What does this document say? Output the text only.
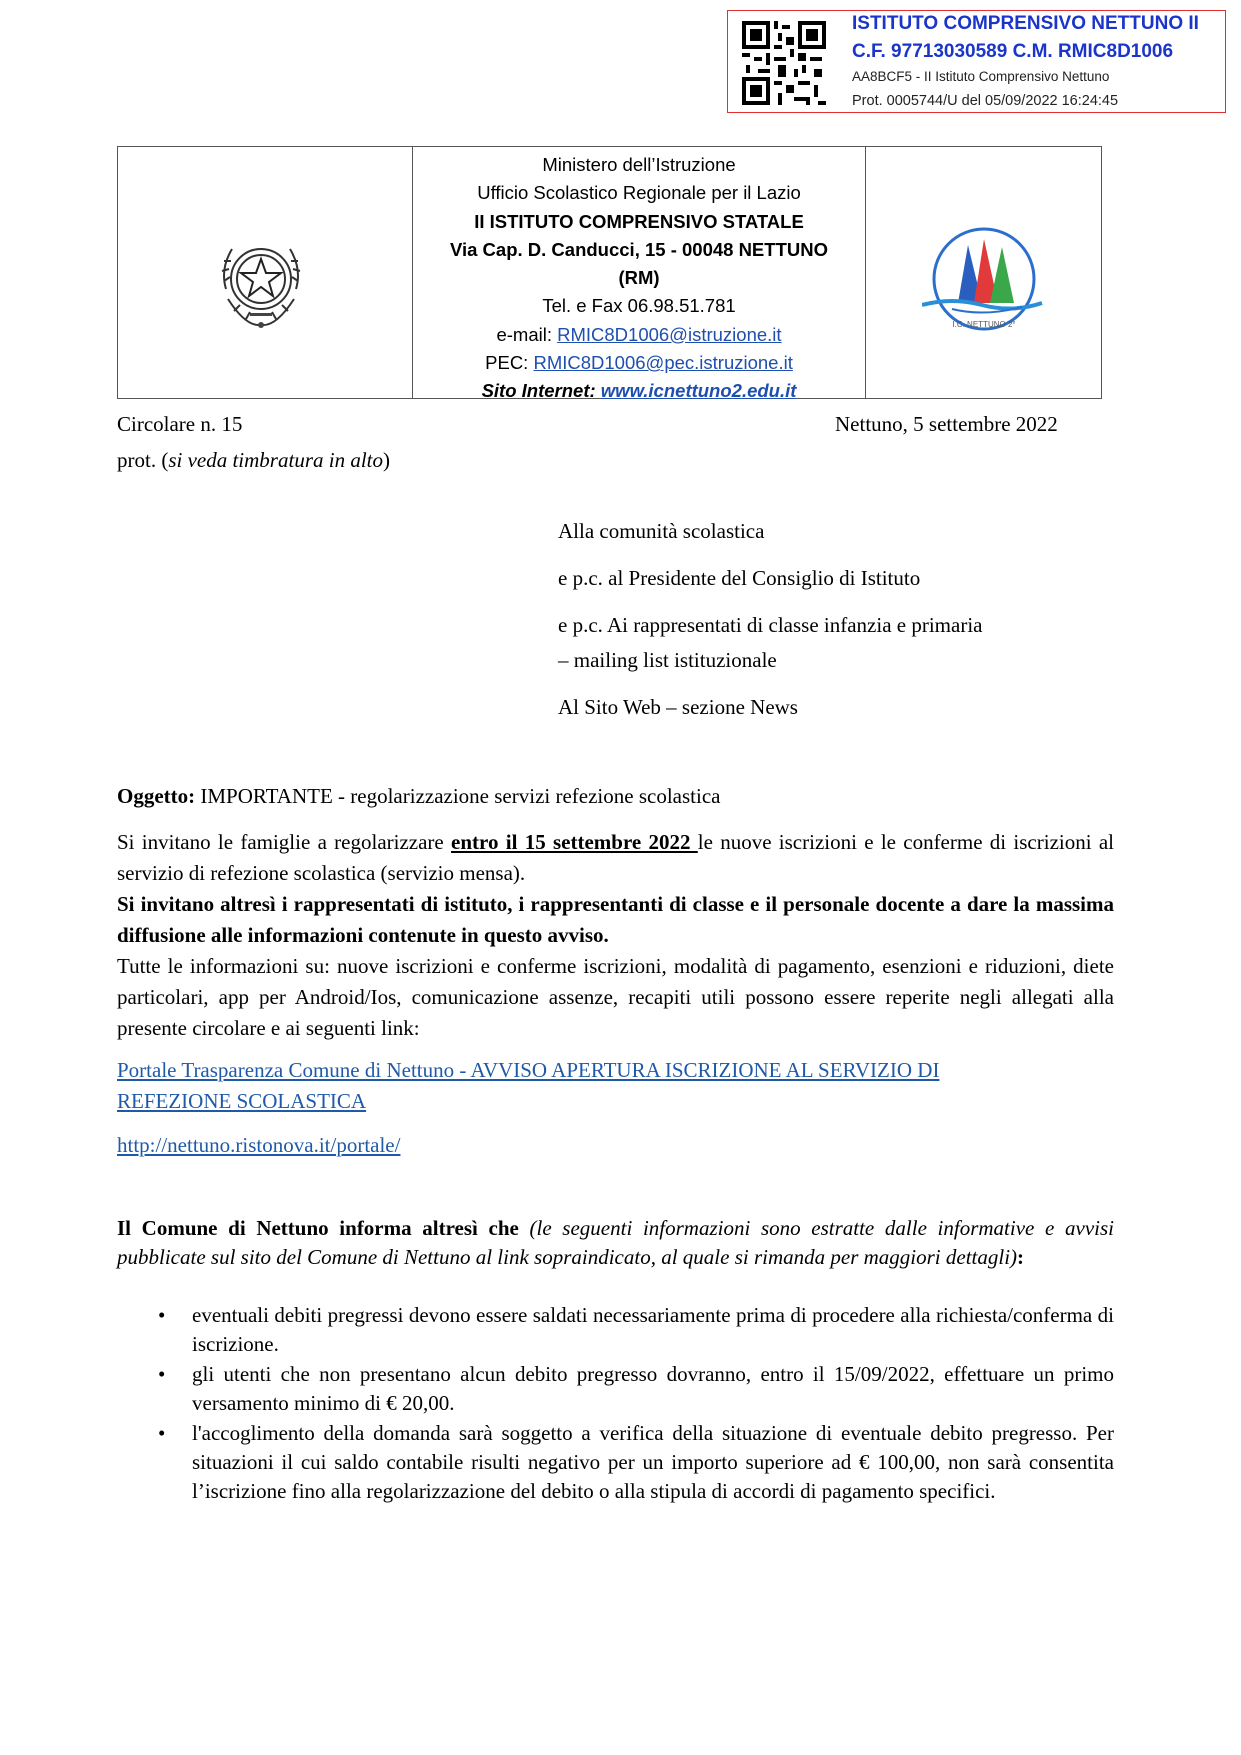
ISTITUTO COMPRENSIVO NETTUNO II
C.F. 97713030589 C.M. RMIC8D1006
AA8BCF5 - II Istituto Comprensivo Nettuno
Prot. 0005744/U del 05/09/2022 16:24:45
Ministero dell’Istruzione
Ufficio Scolastico Regionale per il Lazio
II ISTITUTO COMPRENSIVO STATALE
Via Cap. D. Canducci, 15 - 00048 NETTUNO
(RM)
Tel. e Fax 06.98.51.781
e-mail: RMIC8D1006@istruzione.it
PEC: RMIC8D1006@pec.istruzione.it
Sito Internet: www.icnettuno2.edu.it
I.C. NETTUNO 2°
Circolare n. 15	Nettuno, 5 settembre 2022
prot. (si veda timbratura in alto)
Alla comunità scolastica
e p.c. al Presidente del Consiglio di Istituto
e p.c. Ai rappresentati di classe infanzia e primaria
– mailing list istituzionale
Al Sito Web – sezione News
Oggetto: IMPORTANTE - regolarizzazione servizi refezione scolastica
Si invitano le famiglie a regolarizzare entro il 15 settembre 2022 le nuove iscrizioni e le conferme di iscrizioni al servizio di refezione scolastica (servizio mensa).
Si invitano altresì i rappresentati di istituto, i rappresentanti di classe e il personale docente a dare la massima diffusione alle informazioni contenute in questo avviso.
Tutte le informazioni su: nuove iscrizioni e conferme iscrizioni, modalità di pagamento, esenzioni e riduzioni, diete particolari, app per Android/Ios, comunicazione assenze, recapiti utili possono essere reperite negli allegati alla presente circolare e ai seguenti link:
Portale Trasparenza Comune di Nettuno - AVVISO APERTURA ISCRIZIONE AL SERVIZIO DI
REFEZIONE SCOLASTICA
http://nettuno.ristonova.it/portale/
Il Comune di Nettuno informa altresì che (le seguenti informazioni sono estratte dalle informative e avvisi pubblicate sul sito del Comune di Nettuno al link sopraindicato, al quale si rimanda per maggiori dettagli):
• eventuali debiti pregressi devono essere saldati necessariamente prima di procedere alla richiesta/conferma di iscrizione.
• gli utenti che non presentano alcun debito pregresso dovranno, entro il 15/09/2022, effettuare un primo versamento minimo di € 20,00.
• l'accoglimento della domanda sarà soggetto a verifica della situazione di eventuale debito pregresso. Per situazioni il cui saldo contabile risulti negativo per un importo superiore ad € 100,00, non sarà consentita l’iscrizione fino alla regolarizzazione del debito o alla stipula di accordi di pagamento specifici.
